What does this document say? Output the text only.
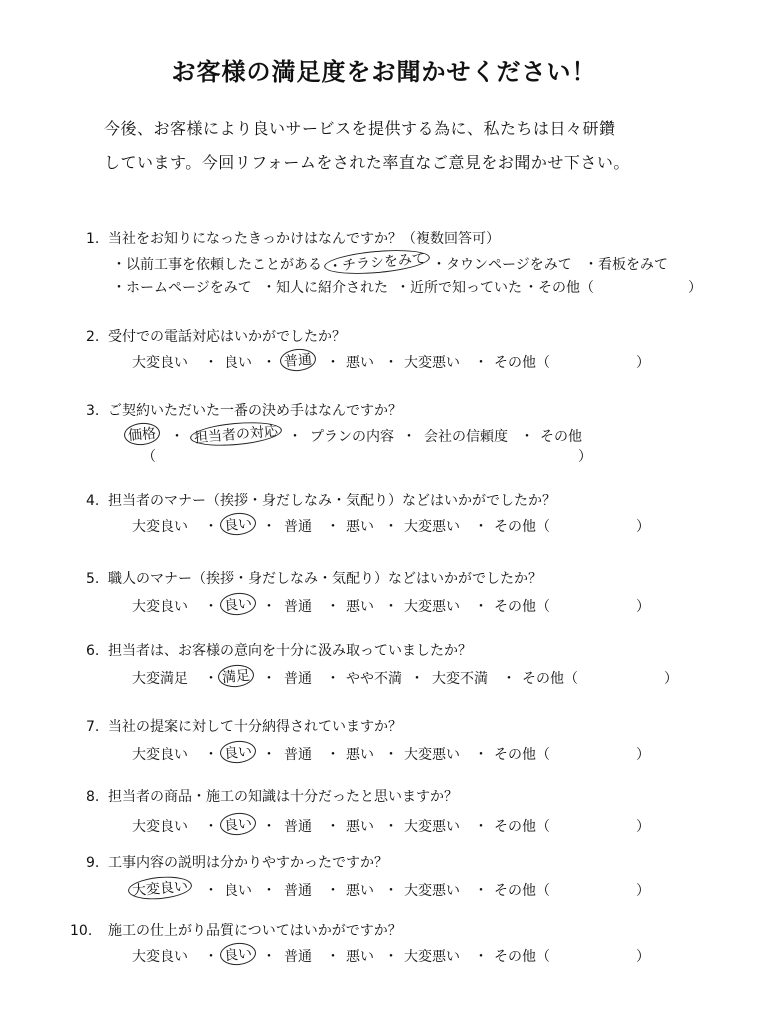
お客様の満足度をお聞かせください！
今後、お客様により良いサービスを提供する為に、私たちは日々研鑽
しています。今回リフォームをされた率直なご意見をお聞かせ下さい。
1. 当社をお知りになったきっかけはなんですか？（複数回答可）
・以前工事を依頼したことがある ・チラシをみて ・タウンページをみて ・看板をみて
・ホームページをみて ・知人に紹介された ・近所で知っていた ・その他（	）
2. 受付での電話対応はいかがでしたか？
大変良い ・ 良い ・ 普通 ・ 悪い ・ 大変悪い ・ その他（	）
3. ご契約いただいた一番の決め手はなんですか？
価格 ・ 担当者の対応 ・ プランの内容 ・ 会社の信頼度 ・ その他
（	）
4. 担当者のマナー（挨拶・身だしなみ・気配り）などはいかがでしたか？
大変良い ・ 良い ・ 普通 ・ 悪い ・ 大変悪い ・ その他（	）
5. 職人のマナー（挨拶・身だしなみ・気配り）などはいかがでしたか？
大変良い ・ 良い ・ 普通 ・ 悪い ・ 大変悪い ・ その他（	）
6. 担当者は、お客様の意向を十分に汲み取っていましたか？
大変満足 ・ 満足 ・ 普通 ・ やや不満 ・ 大変不満 ・ その他（	）
7. 当社の提案に対して十分納得されていますか？
大変良い ・ 良い ・ 普通 ・ 悪い ・ 大変悪い ・ その他（	）
8. 担当者の商品・施工の知識は十分だったと思いますか？
大変良い ・ 良い ・ 普通 ・ 悪い ・ 大変悪い ・ その他（	）
9. 工事内容の説明は分かりやすかったですか？
大変良い ・ 良い ・ 普通 ・ 悪い ・ 大変悪い ・ その他（	）
10. 施工の仕上がり品質についてはいかがですか？
大変良い ・ 良い ・ 普通 ・ 悪い ・ 大変悪い ・ その他（	）
